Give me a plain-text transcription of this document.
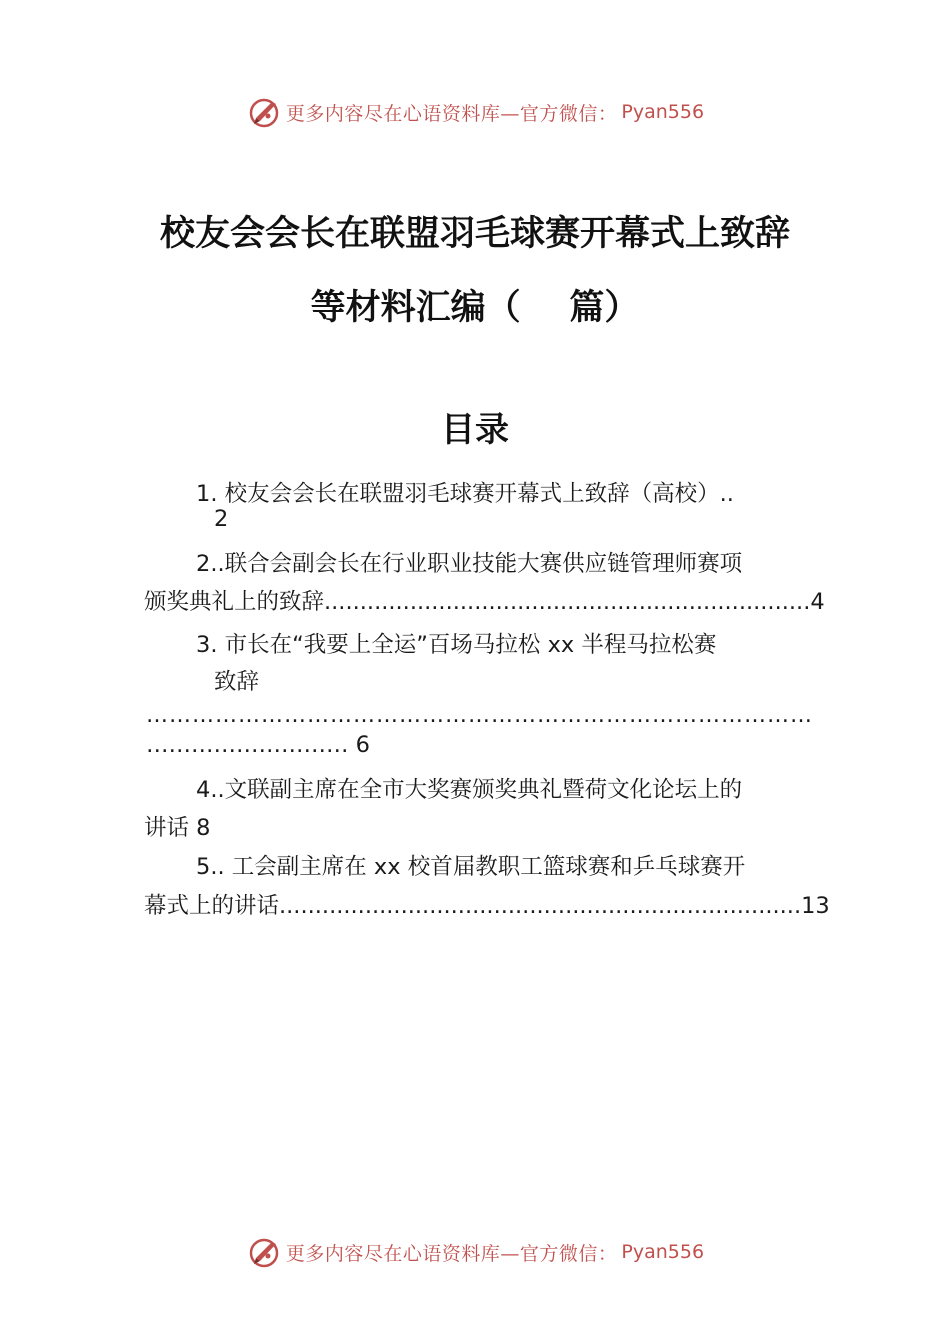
更多内容尽在心语资料库—官方微信： Pyan556
校友会会长在联盟羽毛球赛开幕式上致辞
等材料汇编（    篇）
目录
1. 校友会会长在联盟羽毛球赛开幕式上致辞（高校）..
2
2..联合会副会长在行业职业技能大赛供应链管理师赛项
颁奖典礼上的致辞....................................................................4
3. 市长在“我要上全运”百场马拉松 xx 半程马拉松赛
致辞
……………………………………………………………………………
……………………… 6
4..文联副主席在全市大奖赛颁奖典礼暨荷文化论坛上的
讲话 8
5.. 工会副主席在 xx 校首届教职工篮球赛和乒乓球赛开
幕式上的讲话.........................................................................13
更多内容尽在心语资料库—官方微信： Pyan556
